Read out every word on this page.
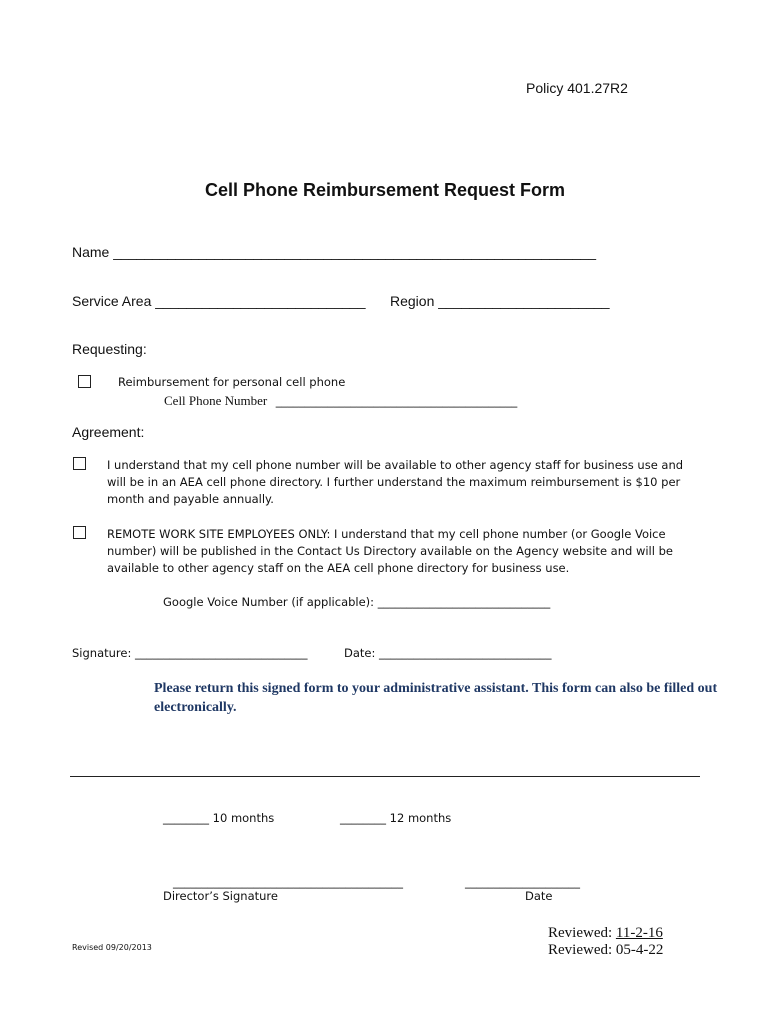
Policy 401.27R2
Cell Phone Reimbursement Request Form
Name ______________________________________________________________
Service Area ___________________________ Region ______________________
Requesting:
Reimbursement for personal cell phone
Cell Phone Number __________________________________________
Agreement:
I understand that my cell phone number will be available to other agency staff for business use and will be in an AEA cell phone directory. I further understand the maximum reimbursement is $10 per month and payable annually.
REMOTE WORK SITE EMPLOYEES ONLY: I understand that my cell phone number (or Google Voice number) will be published in the Contact Us Directory available on the Agency website and will be available to other agency staff on the AEA cell phone directory for business use.
Google Voice Number (if applicable): ______________________________
Signature: ______________________________	Date: ______________________________
Please return this signed form to your administrative assistant. This form can also be filled out electronically.
________ 10 months	________ 12 months
________________________________________	____________________
Director’s Signature	Date
Revised 09/20/2013
Reviewed: 11-2-16
Reviewed: 05-4-22
